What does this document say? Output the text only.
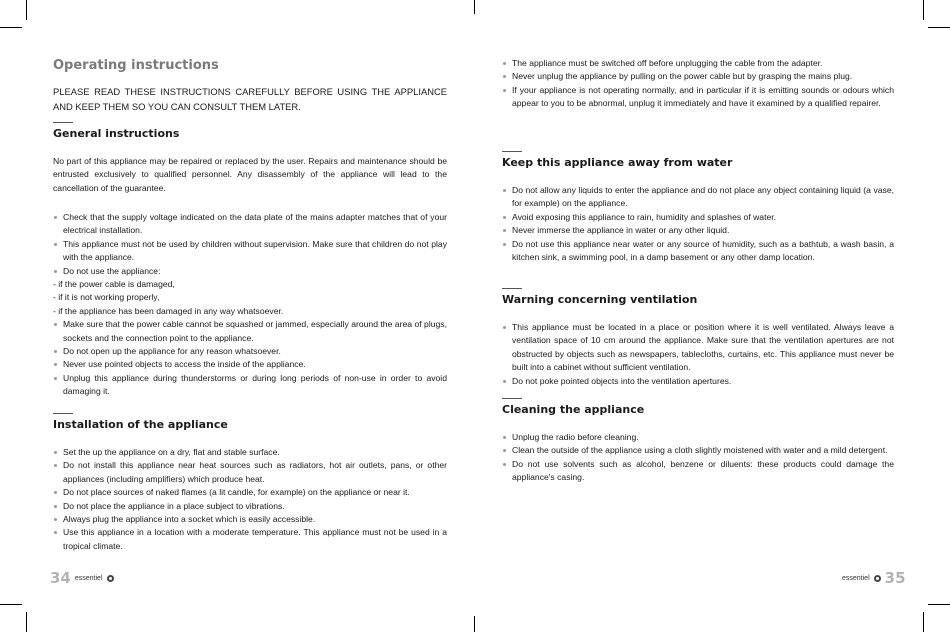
Operating instructions

PLEASE READ THESE INSTRUCTIONS CAREFULLY BEFORE USING THE APPLIANCE AND KEEP THEM SO YOU CAN CONSULT THEM LATER.

General instructions

No part of this appliance may be repaired or replaced by the user. Repairs and maintenance should be entrusted exclusively to qualified personnel. Any disassembly of the appliance will lead to the cancellation of the guarantee.

Check that the supply voltage indicated on the data plate of the mains adapter matches that of your electrical installation.
This appliance must not be used by children without supervision. Make sure that children do not play with the appliance.
Do not use the appliance:
- if the power cable is damaged,
- if it is not working properly,
- if the appliance has been damaged in any way whatsoever.
Make sure that the power cable cannot be squashed or jammed, especially around the area of plugs, sockets and the connection point to the appliance.
Do not open up the appliance for any reason whatsoever.
Never use pointed objects to access the inside of the appliance.
Unplug this appliance during thunderstorms or during long periods of non-use in order to avoid damaging it.
Installation of the appliance
Set the up the appliance on a dry, flat and stable surface.
Do not install this appliance near heat sources such as radiators, hot air outlets, pans, or other appliances (including amplifiers) which produce heat.
Do not place sources of naked flames (a lit candle, for example) on the appliance or near it.
Do not place the appliance in a place subject to vibrations.
Always plug the appliance into a socket which is easily accessible.
Use this appliance in a location with a moderate temperature. This appliance must not be used in a tropical climate.
34 essentiel
The appliance must be switched off before unplugging the cable from the adapter.
Never unplug the appliance by pulling on the power cable but by grasping the mains plug.
If your appliance is not operating normally, and in particular if it is emitting sounds or odours which appear to you to be abnormal, unplug it immediately and have it examined by a qualified repairer.
Keep this appliance away from water
Do not allow any liquids to enter the appliance and do not place any object containing liquid (a vase, for example) on the appliance.
Avoid exposing this appliance to rain, humidity and splashes of water.
Never immerse the appliance in water or any other liquid.
Do not use this appliance near water or any source of humidity, such as a bathtub, a wash basin, a kitchen sink, a swimming pool, in a damp basement or any other damp location.
Warning concerning ventilation
This appliance must be located in a place or position where it is well ventilated. Always leave a ventilation space of 10 cm around the appliance. Make sure that the ventilation apertures are not obstructed by objects such as newspapers, tablecloths, curtains, etc. This appliance must never be built into a cabinet without sufficient ventilation.
Do not poke pointed objects into the ventilation apertures.
Cleaning the appliance
Unplug the radio before cleaning.
Clean the outside of the appliance using a cloth slightly moistened with water and a mild detergent.
Do not use solvents such as alcohol, benzene or diluents: these products could damage the appliance's casing.
essentiel 35
